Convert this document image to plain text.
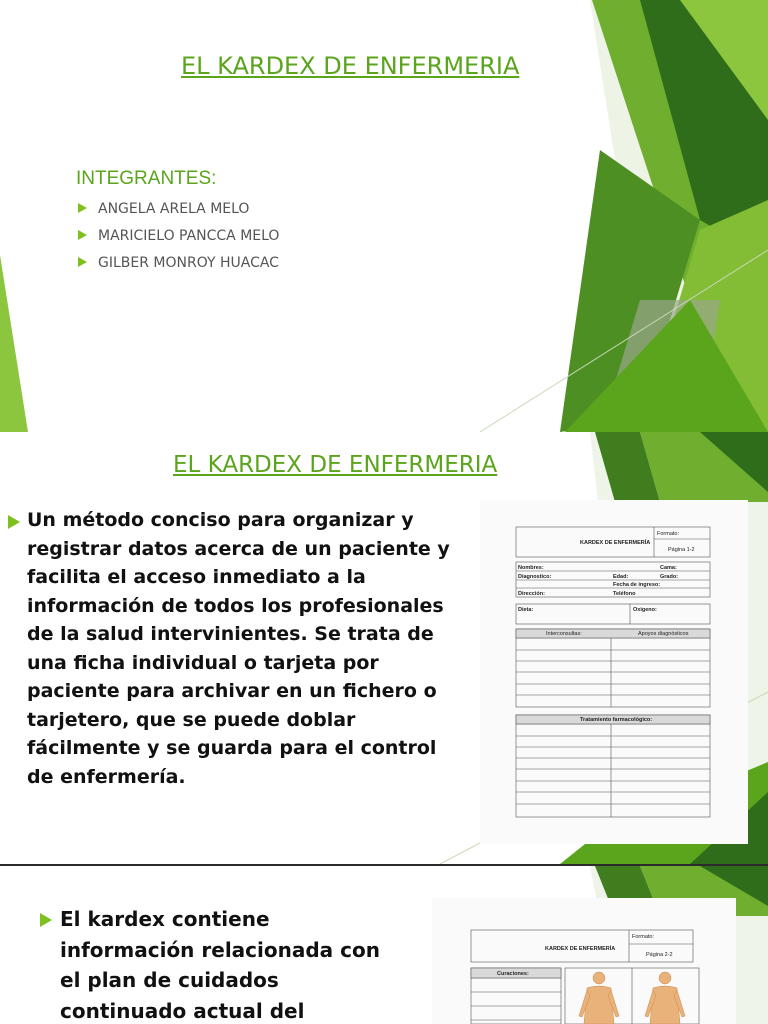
EL KARDEX DE ENFERMERIA
INTEGRANTES:
ANGELA ARELA MELO
MARICIELO PANCCA MELO
GILBER MONROY HUACAC
EL KARDEX DE ENFERMERIA
Un método conciso para organizar y
registrar datos acerca de un paciente y
facilita el acceso inmediato a la
información de todos los profesionales
de la salud intervinientes. Se trata de
una ficha individual o tarjeta por
paciente para archivar en un fichero o
tarjetero, que se puede doblar
fácilmente y se guarda para el control
de enfermería.
KARDEX DE ENFERMERÍA
Formato:
Página 1-2
Nombres:	Cama:
Diagnostico:	Edad:	Grado:
Fecha de ingreso:
Dirección:	Teléfono
Dieta:	Oxigeno:
Interconsultas:	Apoyos diagnósticos
Tratamiento farmacológico:
El kardex contiene
información relacionada con
el plan de cuidados
continuado actual del
KARDEX DE ENFERMERÍA
Formato:
Página 2-2
Curaciones:
